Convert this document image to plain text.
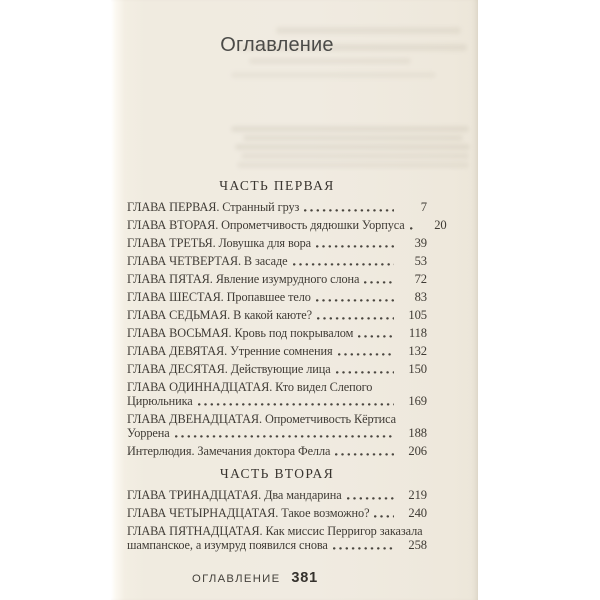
Оглавление
ЧАСТЬ ПЕРВАЯ
ГЛАВА ПЕРВАЯ. Странный груз	7
ГЛАВА ВТОРАЯ. Опрометчивость дядюшки Уорпуса	20
ГЛАВА ТРЕТЬЯ. Ловушка для вора	39
ГЛАВА ЧЕТВЕРТАЯ. В засаде	53
ГЛАВА ПЯТАЯ. Явление изумрудного слона	72
ГЛАВА ШЕСТАЯ. Пропавшее тело	83
ГЛАВА СЕДЬМАЯ. В какой каюте?	105
ГЛАВА ВОСЬМАЯ. Кровь под покрывалом	118
ГЛАВА ДЕВЯТАЯ. Утренние сомнения	132
ГЛАВА ДЕСЯТАЯ. Действующие лица	150
ГЛАВА ОДИННАДЦАТАЯ. Кто видел Слепого
Цирюльника	169
ГЛАВА ДВЕНАДЦАТАЯ. Опрометчивость Кёртиса
Уоррена	188
Интерлюдия. Замечания доктора Фелла	206
ЧАСТЬ ВТОРАЯ
ГЛАВА ТРИНАДЦАТАЯ. Два мандарина	219
ГЛАВА ЧЕТЫРНАДЦАТАЯ. Такое возможно?	240
ГЛАВА ПЯТНАДЦАТАЯ. Как миссис Перригор заказала
шампанское, а изумруд появился снова	258
ОГЛАВЛЕНИЕ 381
